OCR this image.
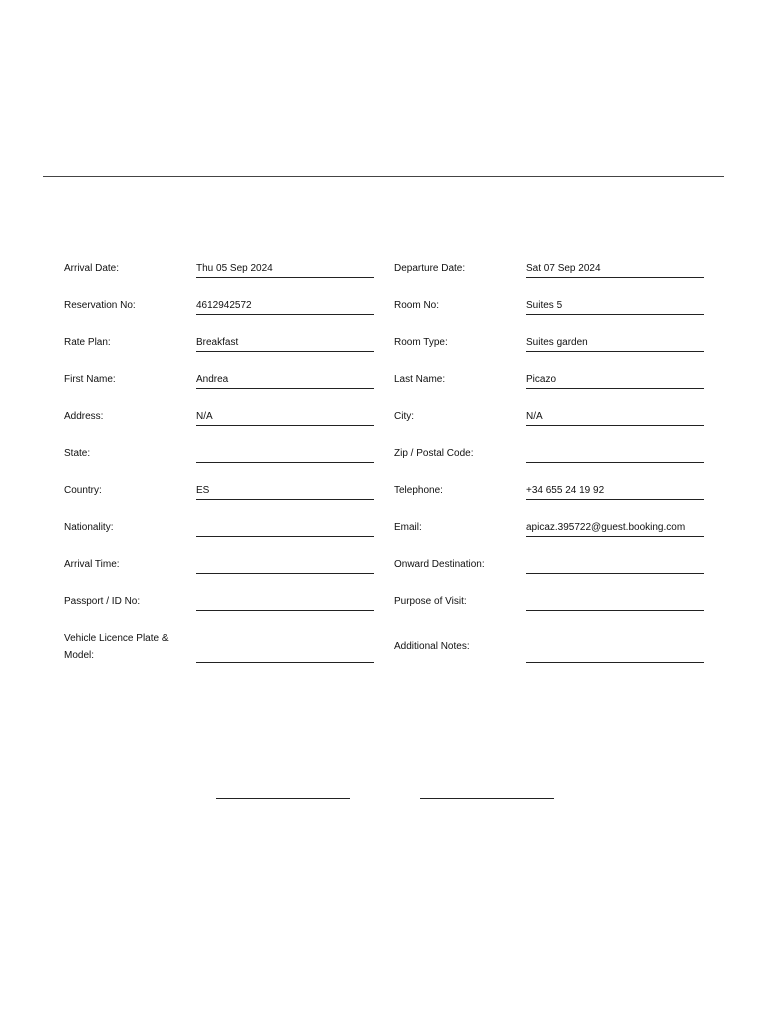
Arrival Date:	Thu 05 Sep 2024	Departure Date:	Sat 07 Sep 2024
Reservation No:	4612942572	Room No:	Suites 5
Rate Plan:	Breakfast	Room Type:	Suites garden
First Name:	Andrea	Last Name:	Picazo
Address:	N/A	City:	N/A
State:	Zip / Postal Code:
Country:	ES	Telephone:	+34 655 24 19 92
Nationality:	Email:	apicaz.395722@guest.booking.com
Arrival Time:	Onward Destination:
Passport / ID No:	Purpose of Visit:
Vehicle Licence Plate & Model:
Additional Notes:
